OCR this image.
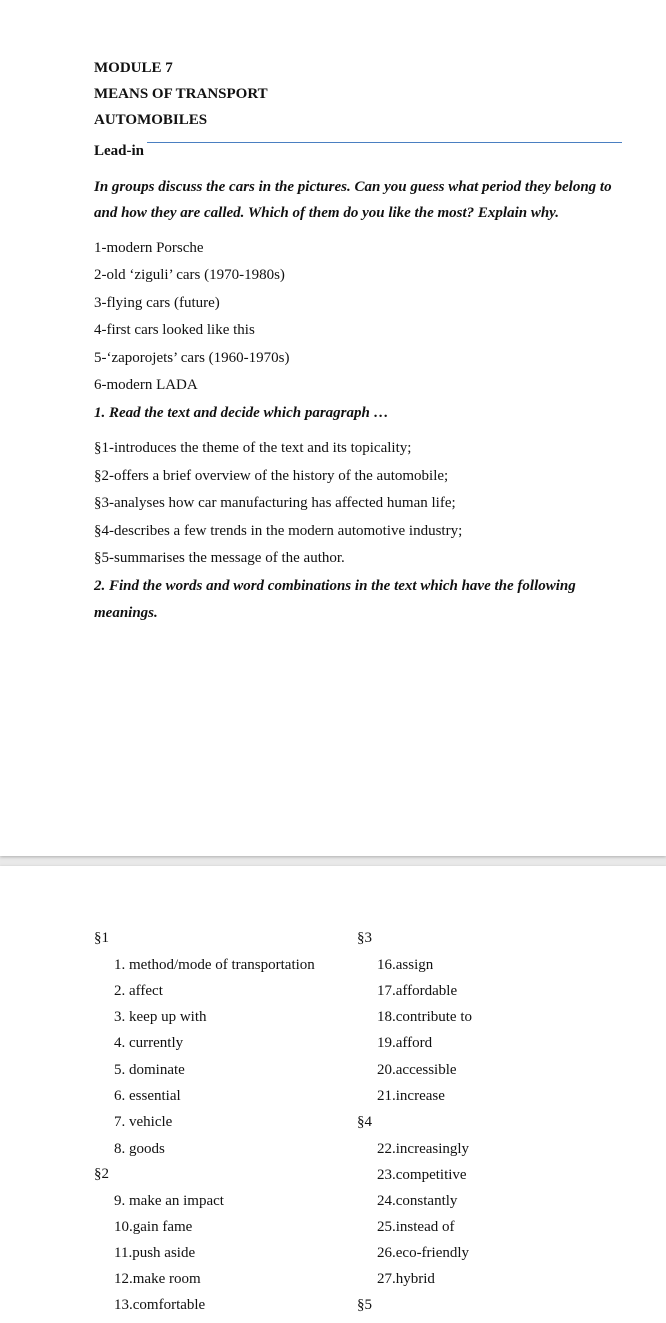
MODULE 7
MEANS OF TRANSPORT
AUTOMOBILES
Lead-in
In groups discuss the cars in the pictures. Can you guess what period they belong to
and how they are called. Which of them do you like the most? Explain why.
1-modern Porsche
2-old ‘ziguli’ cars (1970-1980s)
3-flying cars (future)
4-first cars looked like this
5-‘zaporojets’ cars (1960-1970s)
6-modern LADA
1. Read the text and decide which paragraph …
§1-introduces the theme of the text and its topicality;
§2-offers a brief overview of the history of the automobile;
§3-analyses how car manufacturing has affected human life;
§4-describes a few trends in the modern automotive industry;
§5-summarises the message of the author.
2. Find the words and word combinations in the text which have the following
meanings.
§1
1. method/mode of transportation
2. affect
3. keep up with
4. currently
5. dominate
6. essential
7. vehicle
8. goods
§2
9. make an impact
10.gain fame
11.push aside
12.make room
13.comfortable
§3
16.assign
17.affordable
18.contribute to
19.afford
20.accessible
21.increase
§4
22.increasingly
23.competitive
24.constantly
25.instead of
26.eco-friendly
27.hybrid
§5
